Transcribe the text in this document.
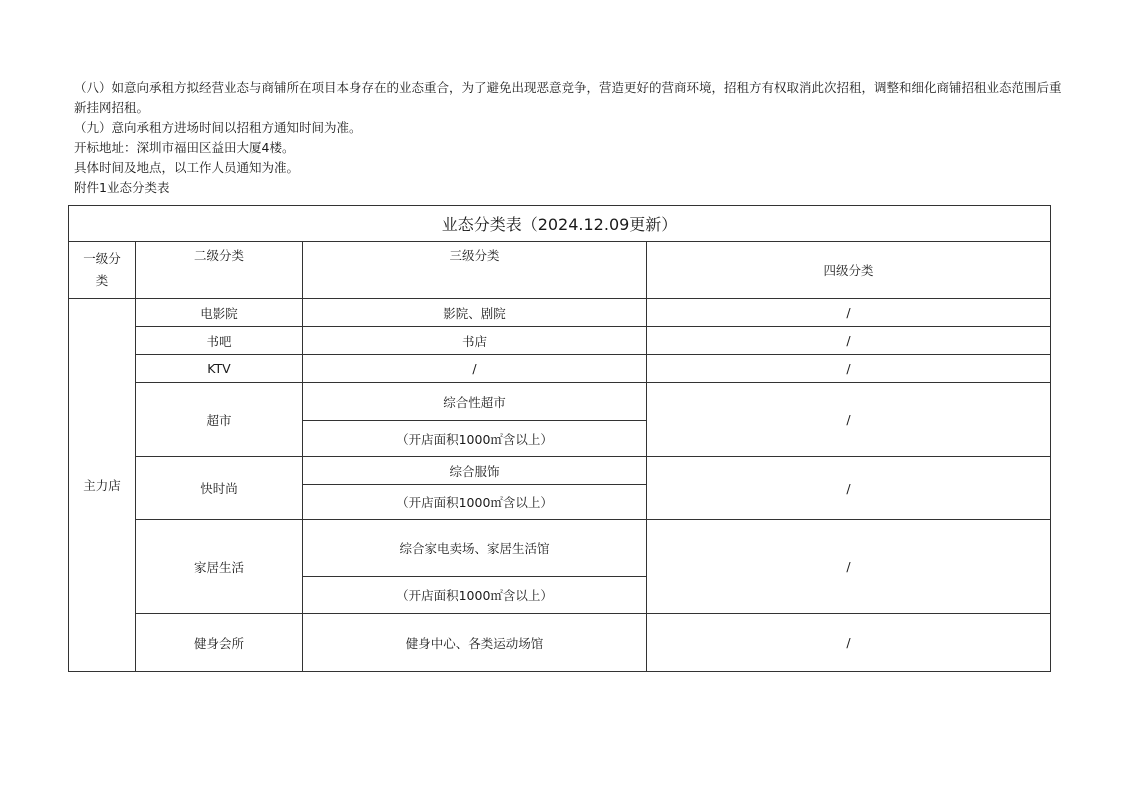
（八）如意向承租方拟经营业态与商铺所在项目本身存在的业态重合，为了避免出现恶意竞争，营造更好的营商环境，招租方有权取消此次招租，调整和细化商铺招租业态范围后重新挂网招租。

（九）意向承租方进场时间以招租方通知时间为准。

开标地址：深圳市福田区益田大厦4楼。

具体时间及地点，以工作人员通知为准。

附件1业态分类表

业态分类表（2024.12.09更新）			
一级分
类	二级分类	三级分类	四级分类
主力店	电影院	影院、剧院	/
	书吧	书店	/
	KTV	/	/
	超市	综合性超市	/
		（开店面积1000㎡含以上）	
	快时尚	综合服饰	/
		（开店面积1000㎡含以上）	
	家居生活	综合家电卖场、家居生活馆	/
		（开店面积1000㎡含以上）	
	健身会所	健身中心、各类运动场馆	/
